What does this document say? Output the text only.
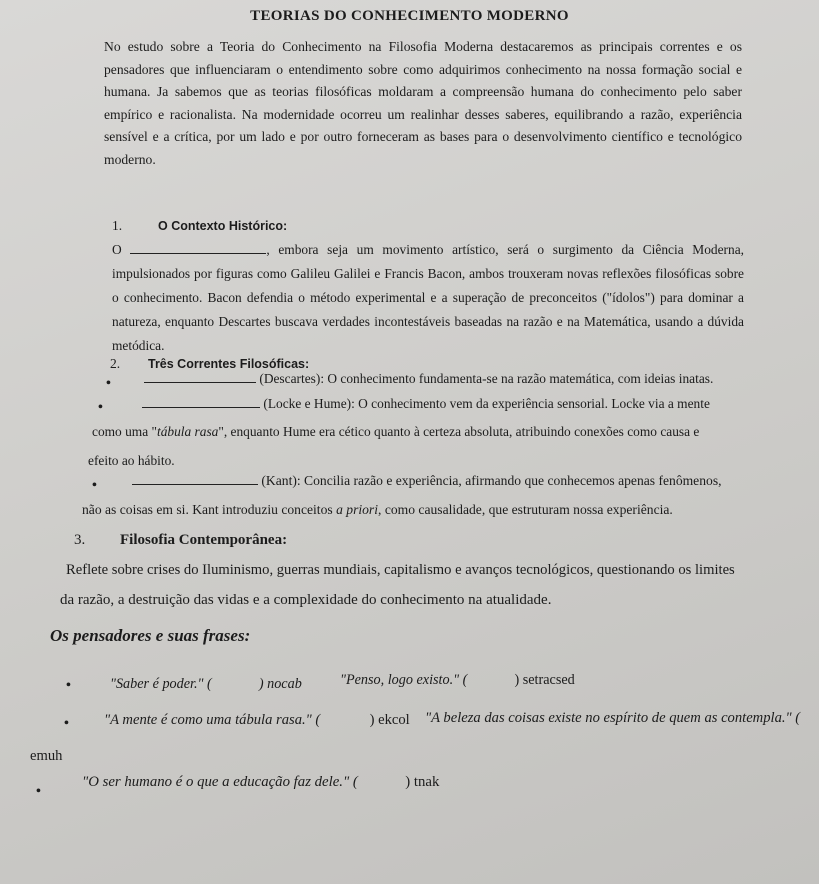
TEORIAS DO CONHECIMENTO MODERNO
No estudo sobre a Teoria do Conhecimento na Filosofia Moderna destacaremos as principais correntes e os pensadores que influenciaram o entendimento sobre como adquirimos conhecimento na nossa formação social e humana. Ja sabemos que as teorias filosóficas moldaram a compreensão humana do conhecimento pelo saber empírico e racionalista. Na modernidade ocorreu um realinhar desses saberes, equilibrando a razão, experiência sensível e a crítica, por um lado e por outro forneceram as bases para o desenvolvimento científico e tecnológico moderno.
1.	O Contexto Histórico:
O	, embora seja um movimento artístico, será o surgimento da Ciência Moderna, impulsionados por figuras como Galileu Galilei e Francis Bacon, ambos trouxeram novas reflexões filosóficas sobre o conhecimento. Bacon defendia o método experimental e a superação de preconceitos ("ídolos") para dominar a natureza, enquanto Descartes buscava verdades incontestáveis baseadas na razão e na Matemática, usando a dúvida metódica.
2. Três Correntes Filosóficas:
•	(Descartes): O conhecimento fundamenta-se na razão matemática, com ideias inatas.
•	(Locke e Hume): O conhecimento vem da experiência sensorial. Locke via a mente
como uma "tábula rasa", enquanto Hume era cético quanto à certeza absoluta, atribuindo conexões como causa e
efeito ao hábito.
•	(Kant): Concilia razão e experiência, afirmando que conhecemos apenas fenômenos,
não as coisas em si. Kant introduziu conceitos a priori, como causalidade, que estruturam nossa experiência.
3. Filosofia Contemporânea:
Reflete sobre crises do Iluminismo, guerras mundiais, capitalismo e avanços tecnológicos, questionando os limites
da razão, a destruição das vidas e a complexidade do conhecimento na atualidade.
Os pensadores e suas frases:
•	"Saber é poder." (	) nocab	"Penso, logo existo." (	) setracsed
• "A mente é como uma tábula rasa." (	) ekcol "A beleza das coisas existe no espírito de quem as contempla." (
emuh
•
"O ser humano é o que a educação faz dele." (	) tnak
